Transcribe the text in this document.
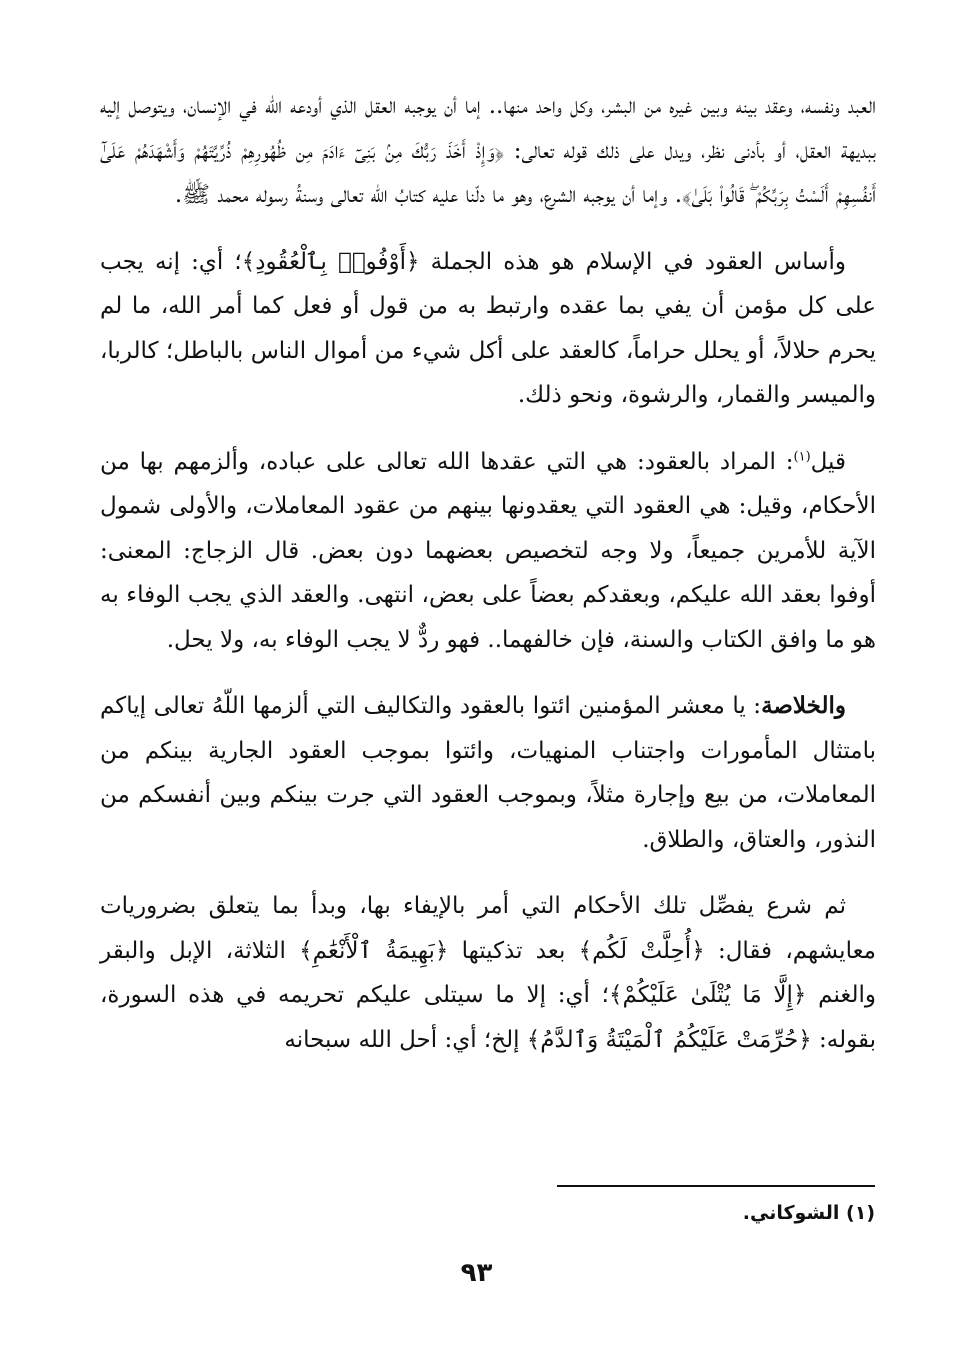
العبد ونفسه، وعقد بينه وبين غيره من البشر، وكل واحد منها.. إما أن يوجبه العقل الذي أودعه الله في الإنسان، ويتوصل إليه ببديهة العقل، أو بأدنى نظر، ويدل على ذلك قوله تعالى: ﴿وَإِذْ أَخَذَ رَبُّكَ مِنۢ بَنِىٓ ءَادَمَ مِن ظُهُورِهِمْ ذُرِّيَّتَهُمْ وَأَشْهَدَهُمْ عَلَىٰٓ أَنفُسِهِمْ أَلَسْتُ بِرَبِّكُمْ ۖ قَالُوا۟ بَلَىٰ﴾. وإما أن يوجبه الشرع، وهو ما دلّنا عليه كتابُ الله تعالى وسنةُ رسوله محمد ﷺ.

وأساس العقود في الإسلام هو هذه الجملة ﴿أَوْفُوا۟ بِٱلْعُقُودِ﴾؛ أي: إنه يجب على كل مؤمن أن يفي بما عقده وارتبط به من قول أو فعل كما أمر الله، ما لم يحرم حلالاً، أو يحلل حراماً، كالعقد على أكل شيء من أموال الناس بالباطل؛ كالربا، والميسر والقمار، والرشوة، ونحو ذلك.

قيل$^{(١)}$: المراد بالعقود: هي التي عقدها الله تعالى على عباده، وألزمهم بها من الأحكام، وقيل: هي العقود التي يعقدونها بينهم من عقود المعاملات، والأولى شمول الآية للأمرين جميعاً، ولا وجه لتخصيص بعضهما دون بعض. قال الزجاج: المعنى: أوفوا بعقد الله عليكم، وبعقدكم بعضاً على بعض، انتهى. والعقد الذي يجب الوفاء به هو ما وافق الكتاب والسنة، فإن خالفهما.. فهو ردٌّ لا يجب الوفاء به، ولا يحل.

والخلاصة: يا معشر المؤمنين ائتوا بالعقود والتكاليف التي ألزمها اللّهُ تعالى إياكم بامتثال المأمورات واجتناب المنهيات، وائتوا بموجب العقود الجارية بينكم من المعاملات، من بيع وإجارة مثلاً، وبموجب العقود التي جرت بينكم وبين أنفسكم من النذور، والعتاق، والطلاق.

ثم شرع يفصِّل تلك الأحكام التي أمر بالإيفاء بها، وبدأ بما يتعلق بضروريات معايشهم، فقال: ﴿أُحِلَّتْ لَكُم﴾ بعد تذكيتها ﴿بَهِيمَةُ ٱلْأَنْعَٰمِ﴾ الثلاثة، الإبل والبقر والغنم ﴿إِلَّا مَا يُتْلَىٰ عَلَيْكُمْ﴾؛ أي: إلا ما سيتلى عليكم تحريمه في هذه السورة، بقوله: ﴿حُرِّمَتْ عَلَيْكُمُ ٱلْمَيْتَةُ وَٱلدَّمُ﴾ إلخ؛ أي: أحل الله سبحانه

(١) الشوكاني.
٩٣
